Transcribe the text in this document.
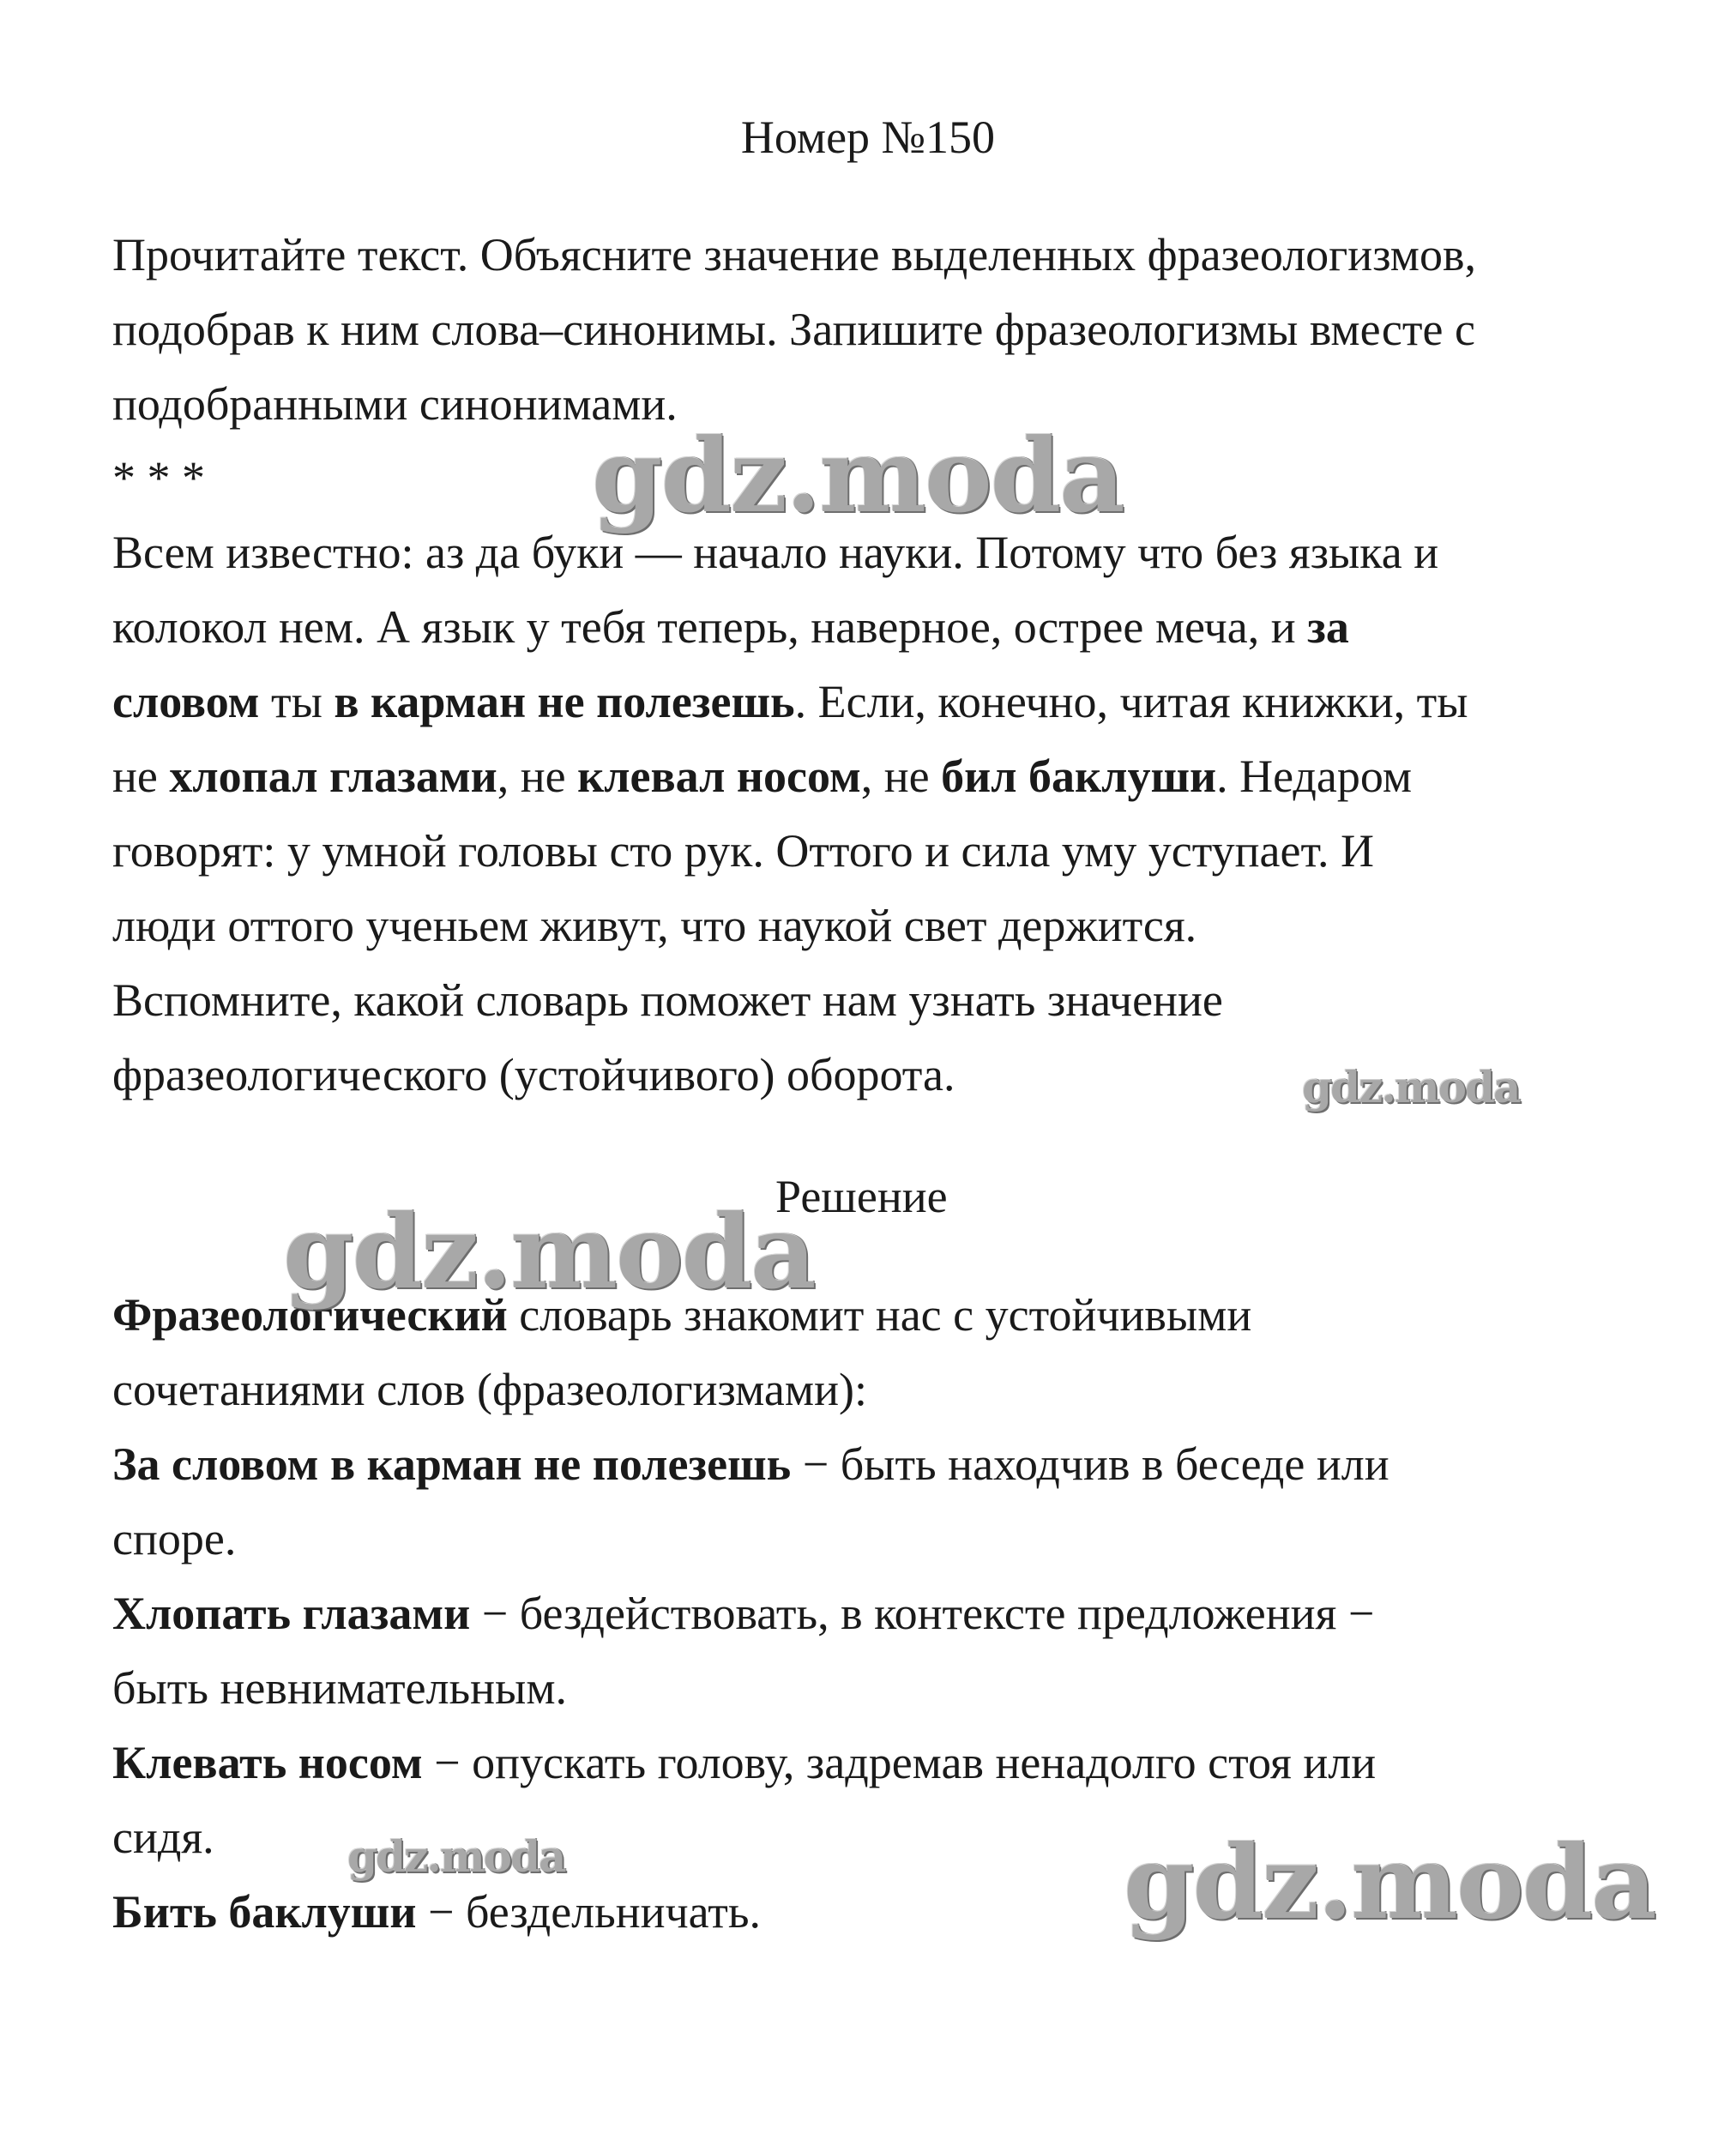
Номер №150

Прочитайте текст. Объясните значение выделенных фразеологизмов,

подобрав к ним слова–синонимы. Запишите фразеологизмы вместе с

подобранными синонимами.

* * *

Всем известно: аз да буки — начало науки. Потому что без языка и

колокол нем. А язык у тебя теперь, наверное, острее меча, и за

словом ты в карман не полезешь. Если, конечно, читая книжки, ты

не хлопал глазами, не клевал носом, не бил баклуши. Недаром

говорят: у умной головы сто рук. Оттого и сила уму уступает. И

люди оттого ученьем живут, что наукой свет держится.

Вспомните, какой словарь поможет нам узнать значение

фразеологического (устойчивого) оборота.

Решение

Фразеологический словарь знакомит нас с устойчивыми

сочетаниями слов (фразеологизмами):

За словом в карман не полезешь − быть находчив в беседе или

споре.

Хлопать глазами − бездействовать, в контексте предложения −

быть невнимательным.

Клевать носом − опускать голову, задремав ненадолго стоя или

сидя.

Бить баклуши − бездельничать.

gdz.moda
gdz.moda
gdz.moda
gdz.moda	gdz.moda
